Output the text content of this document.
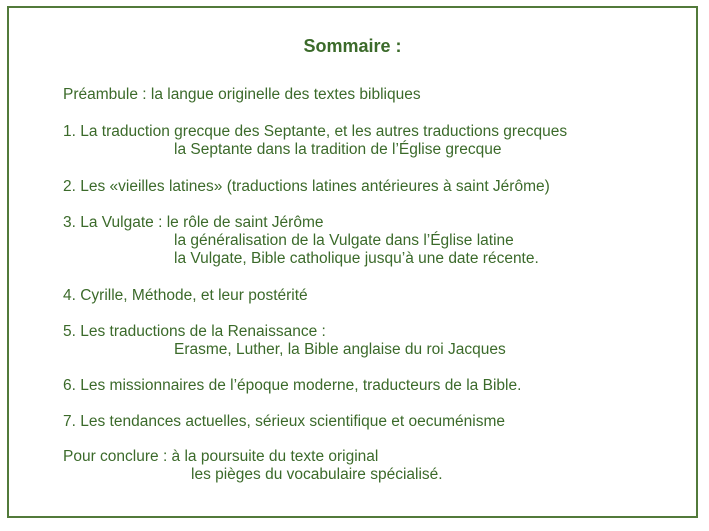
Sommaire :
Préambule : la langue originelle des textes bibliques
1. La traduction grecque des Septante, et les autres traductions grecques
la Septante dans la tradition de l’Église grecque
2. Les «vieilles latines» (traductions latines antérieures à saint Jérôme)
3. La Vulgate : le rôle de saint Jérôme
la généralisation de la Vulgate dans l’Église latine
la Vulgate, Bible catholique jusqu’à une date récente.
4. Cyrille, Méthode, et leur postérité
5. Les traductions de la Renaissance :
Erasme, Luther, la Bible anglaise du roi Jacques
6. Les missionnaires de l’époque moderne, traducteurs de la Bible.
7. Les tendances actuelles, sérieux scientifique et oecuménisme
Pour conclure : à la poursuite du texte original
les pièges du vocabulaire spécialisé.
